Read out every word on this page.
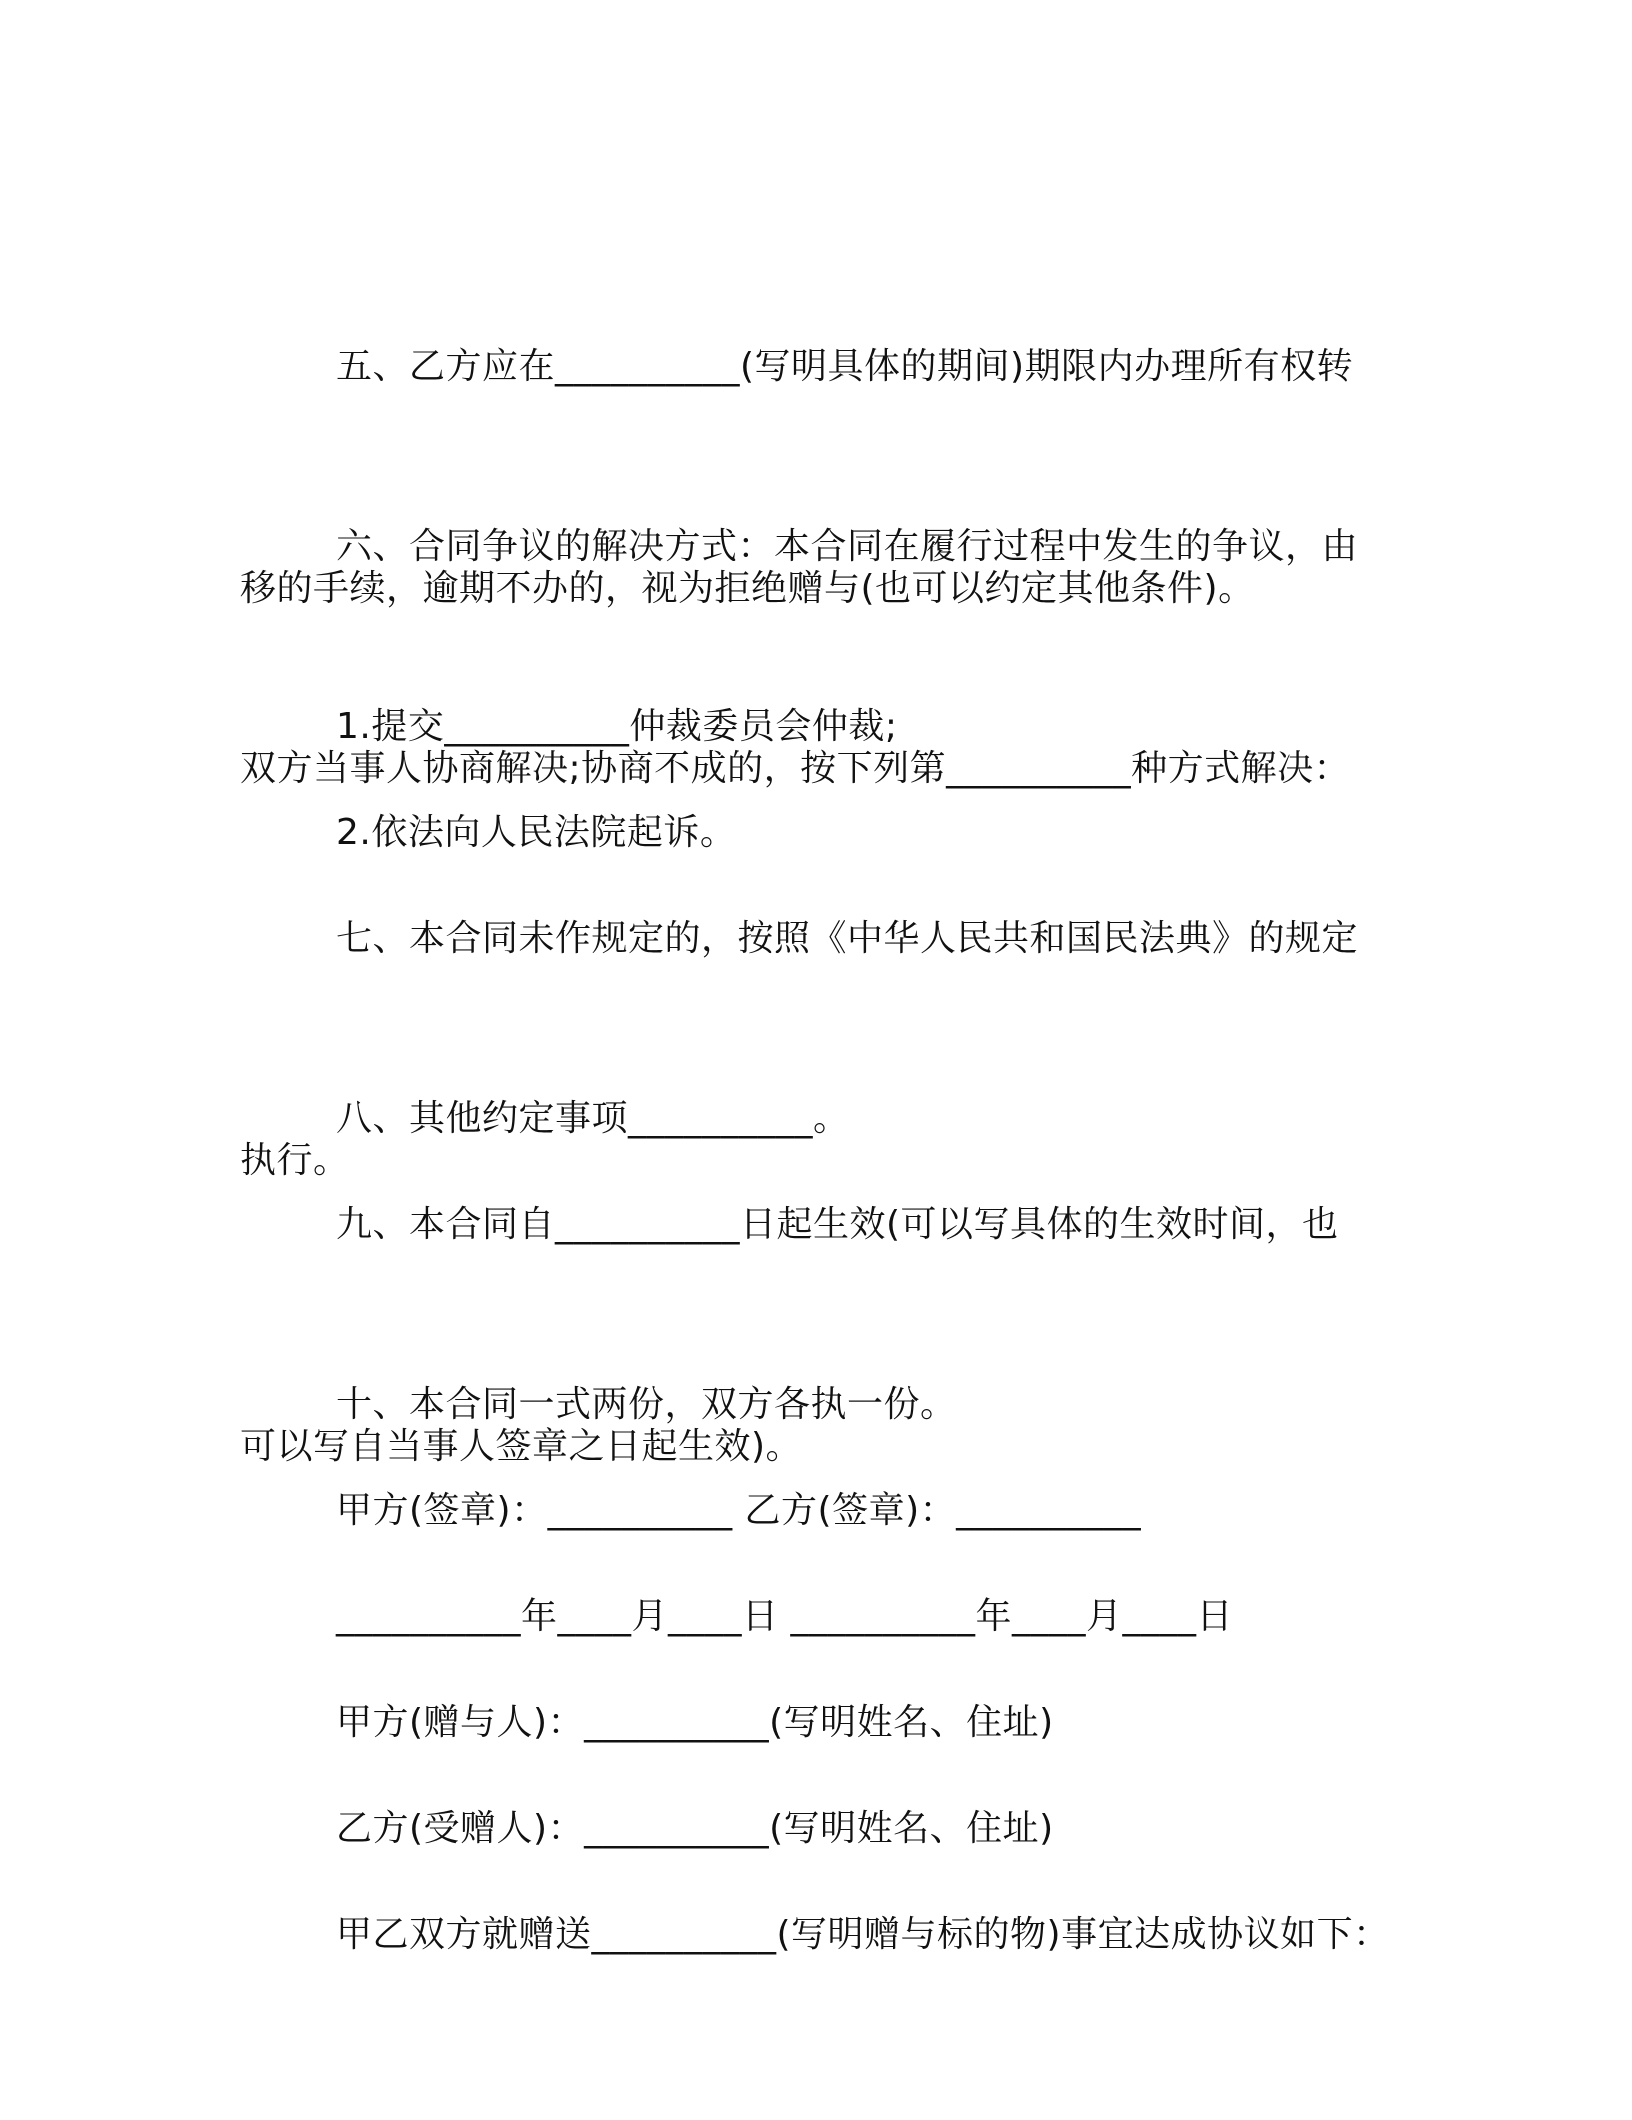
五、乙方应在__________(写明具体的期间)期限内办理所有权转

移的手续，逾期不办的，视为拒绝赠与(也可以约定其他条件)。

六、合同争议的解决方式：本合同在履行过程中发生的争议，由

双方当事人协商解决;协商不成的，按下列第__________种方式解决：

1.提交__________仲裁委员会仲裁;

2.依法向人民法院起诉。

七、本合同未作规定的，按照《中华人民共和国民法典》的规定

执行。

八、其他约定事项__________。

九、本合同自__________日起生效(可以写具体的生效时间，也

可以写自当事人签章之日起生效)。

十、本合同一式两份，双方各执一份。

甲方(签章)：__________ 乙方(签章)：__________

__________年____月____日 __________年____月____日

甲方(赠与人)：__________(写明姓名、住址)

乙方(受赠人)：__________(写明姓名、住址)

甲乙双方就赠送__________(写明赠与标的物)事宜达成协议如下：
